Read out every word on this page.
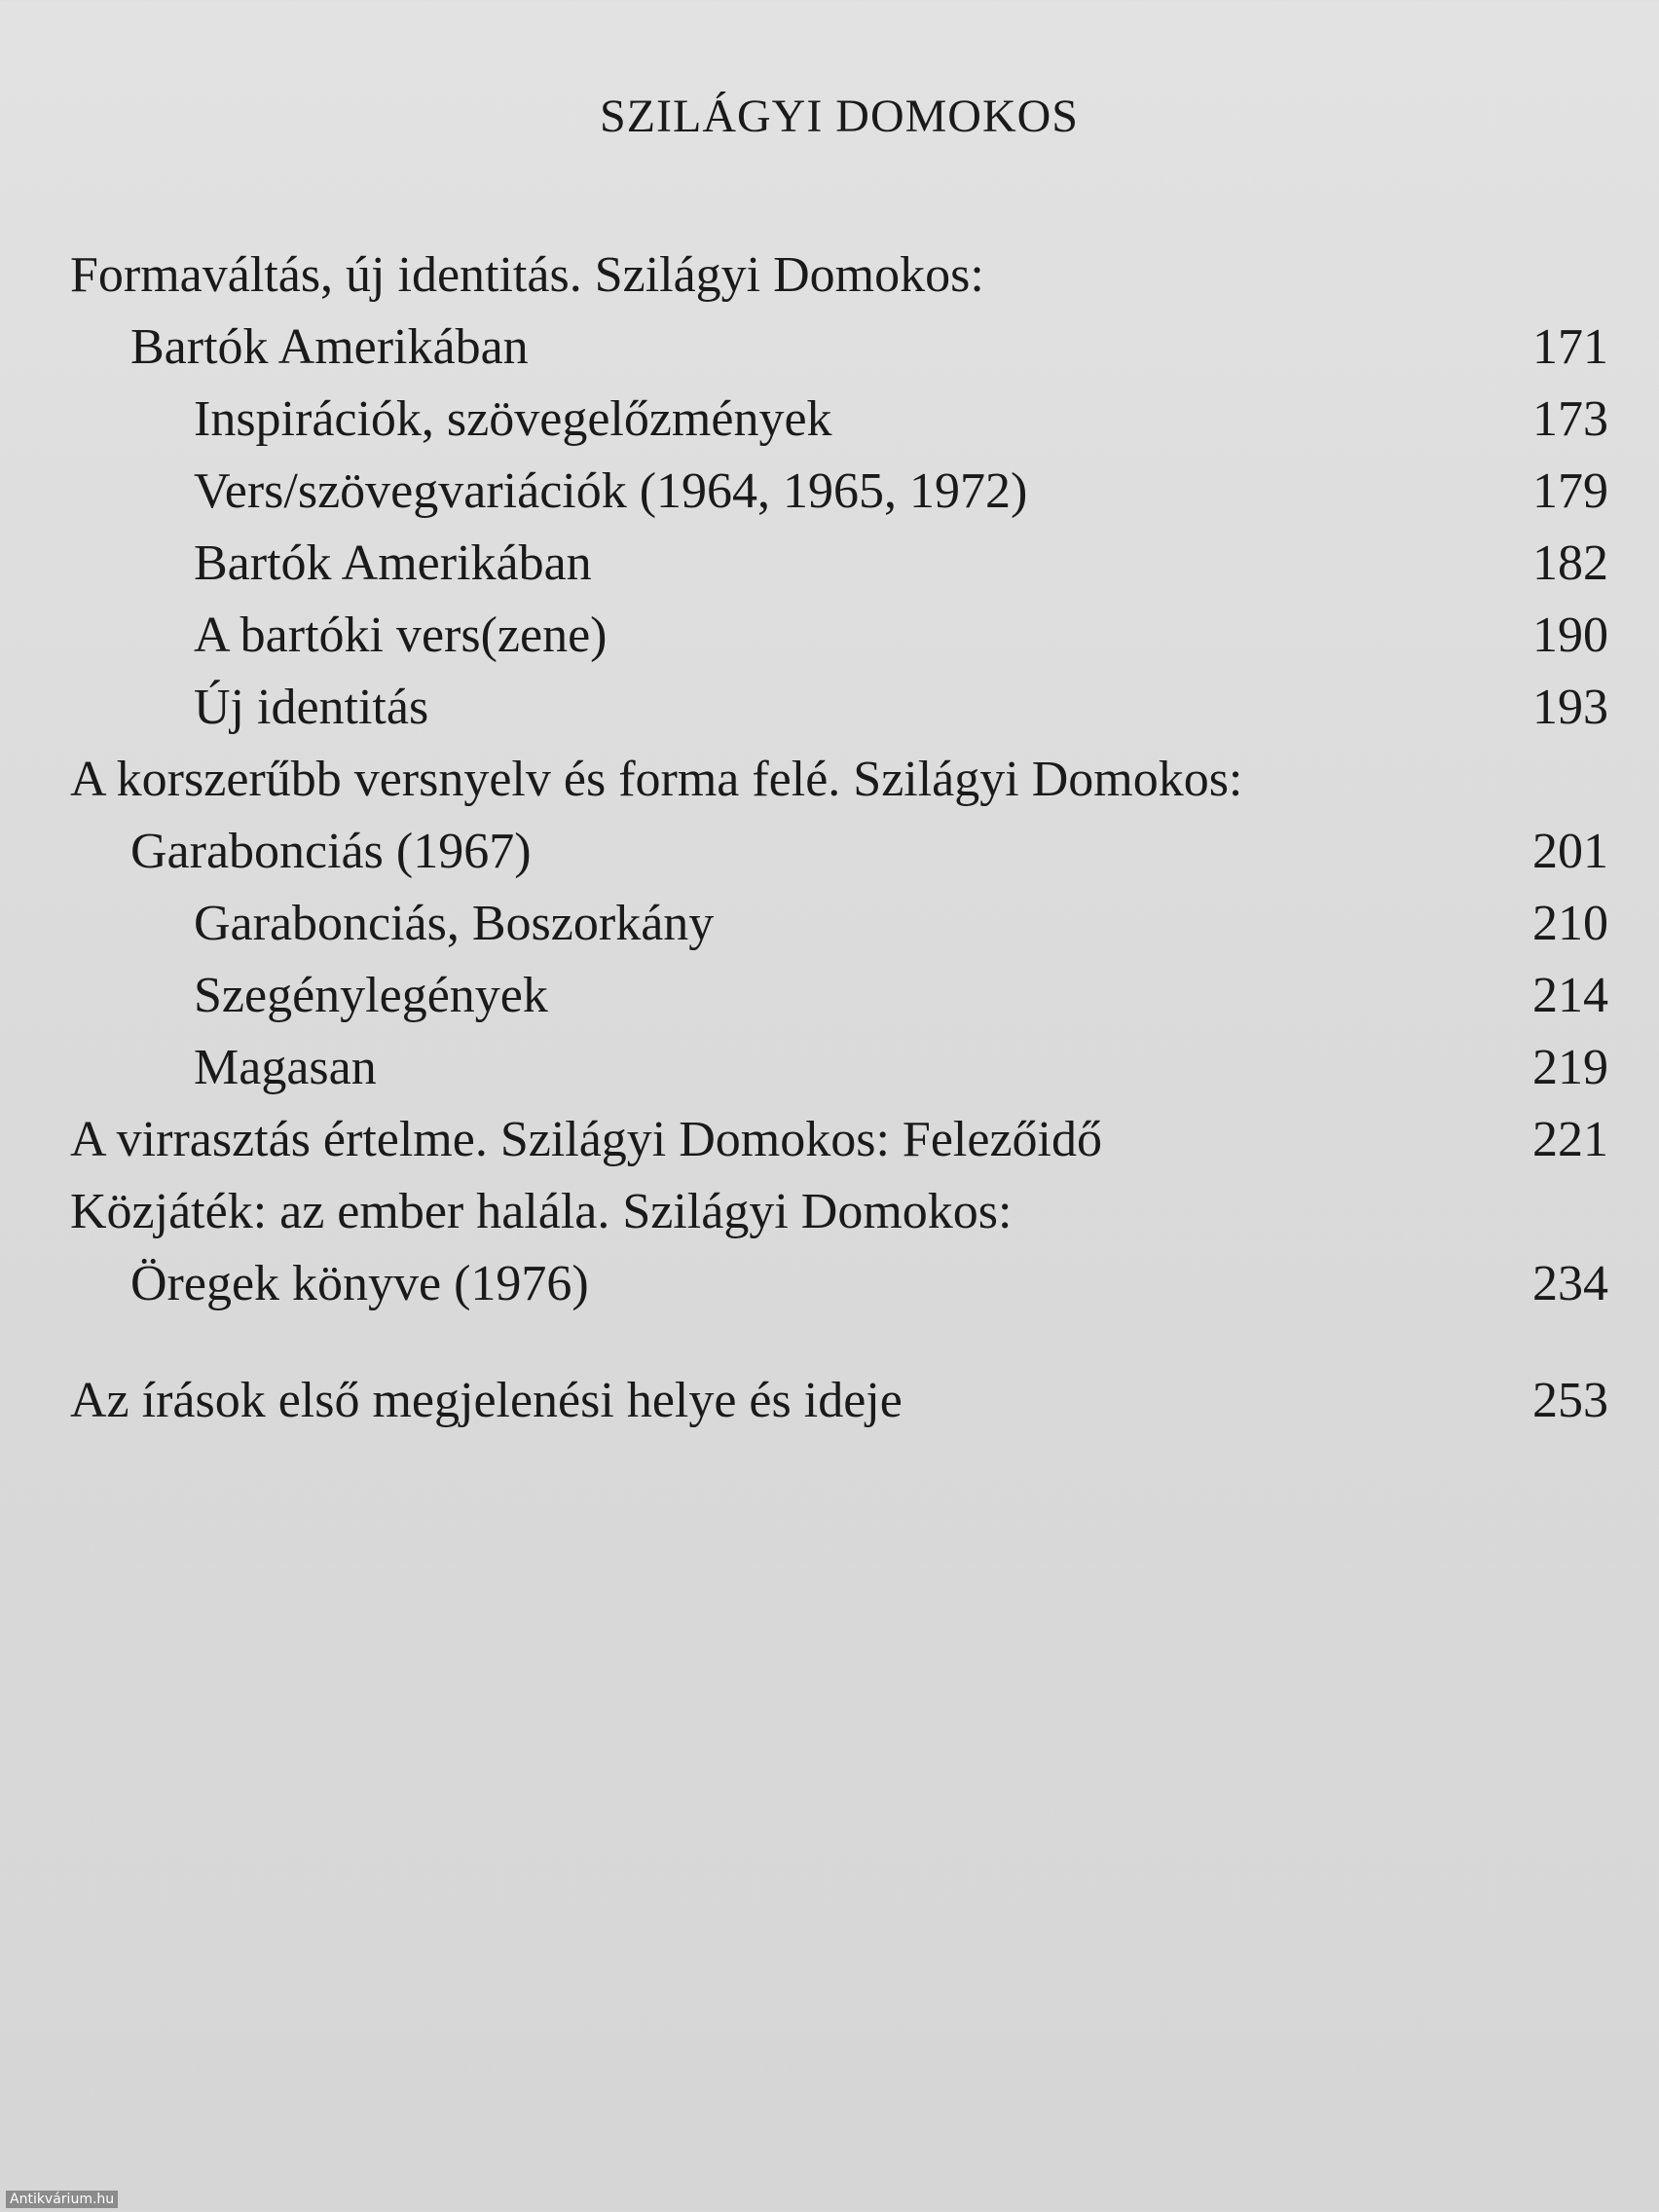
SZILÁGYI DOMOKOS
Formaváltás, új identitás. Szilágyi Domokos:
Bartók Amerikában	171
Inspirációk, szövegelőzmények	173
Vers/szövegvariációk (1964, 1965, 1972)	179
Bartók Amerikában	182
A bartóki vers(zene)	190
Új identitás	193
A korszerűbb versnyelv és forma felé. Szilágyi Domokos:
Garabonciás (1967)	201
Garabonciás, Boszorkány	210
Szegénylegények	214
Magasan	219
A virrasztás értelme. Szilágyi Domokos: Felezőidő	221
Közjáték: az ember halála. Szilágyi Domokos:
Öregek könyve (1976)	234
Az írások első megjelenési helye és ideje	253
Antikvárium.hu
